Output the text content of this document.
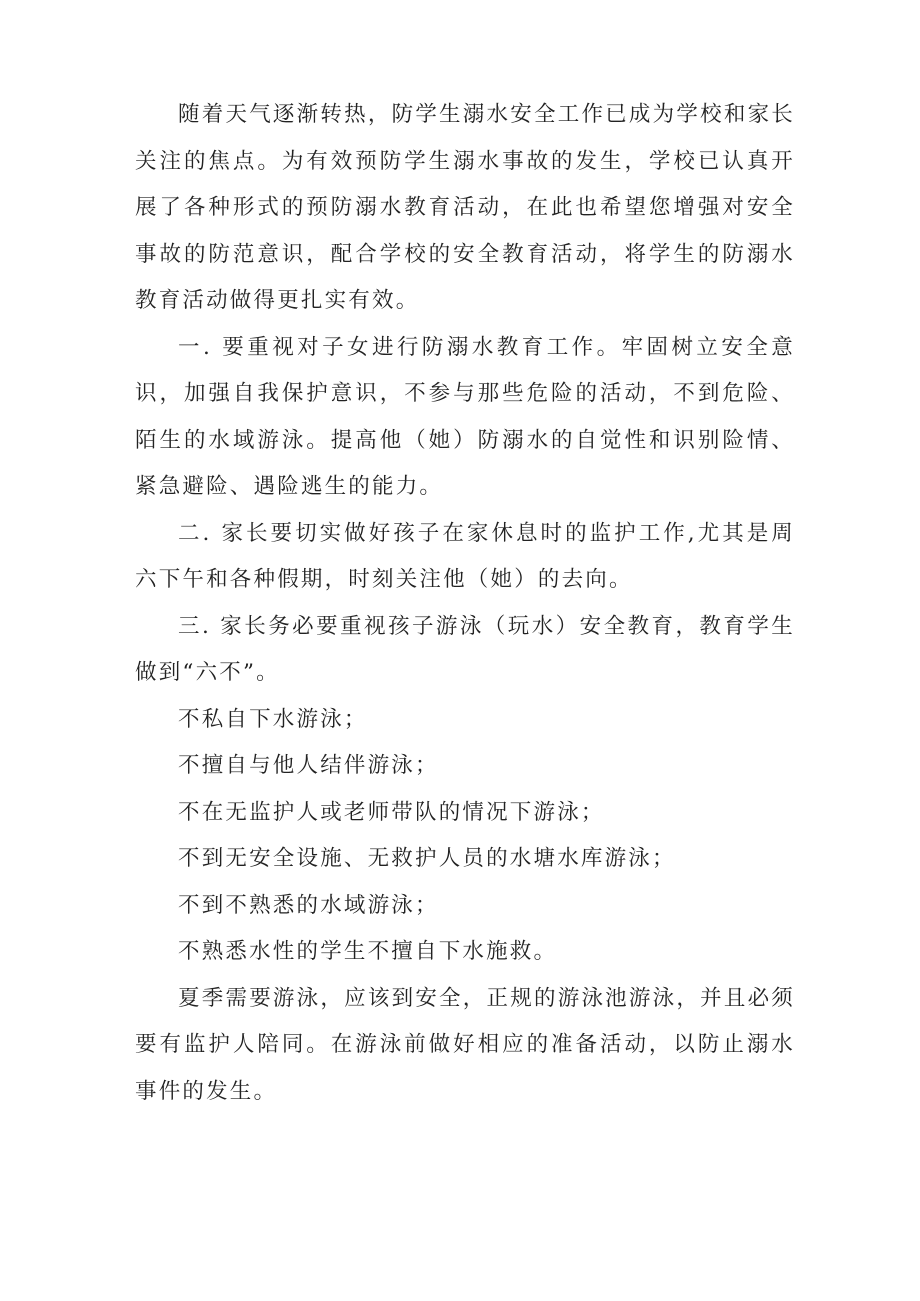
随着天气逐渐转热，防学生溺水安全工作已成为学校和家长关注的焦点。为有效预防学生溺水事故的发生，学校已认真开展了各种形式的预防溺水教育活动，在此也希望您增强对安全事故的防范意识，配合学校的安全教育活动，将学生的防溺水教育活动做得更扎实有效。

一. 要重视对子女进行防溺水教育工作。牢固树立安全意识，加强自我保护意识，不参与那些危险的活动，不到危险、陌生的水域游泳。提高他（她）防溺水的自觉性和识别险情、紧急避险、遇险逃生的能力。

二. 家长要切实做好孩子在家休息时的监护工作,尤其是周六下午和各种假期，时刻关注他（她）的去向。

三. 家长务必要重视孩子游泳（玩水）安全教育，教育学生做到“六不”。

不私自下水游泳；

不擅自与他人结伴游泳；

不在无监护人或老师带队的情况下游泳；

不到无安全设施、无救护人员的水塘水库游泳；

不到不熟悉的水域游泳；

不熟悉水性的学生不擅自下水施救。

夏季需要游泳，应该到安全，正规的游泳池游泳，并且必须要有监护人陪同。在游泳前做好相应的准备活动，以防止溺水事件的发生。
